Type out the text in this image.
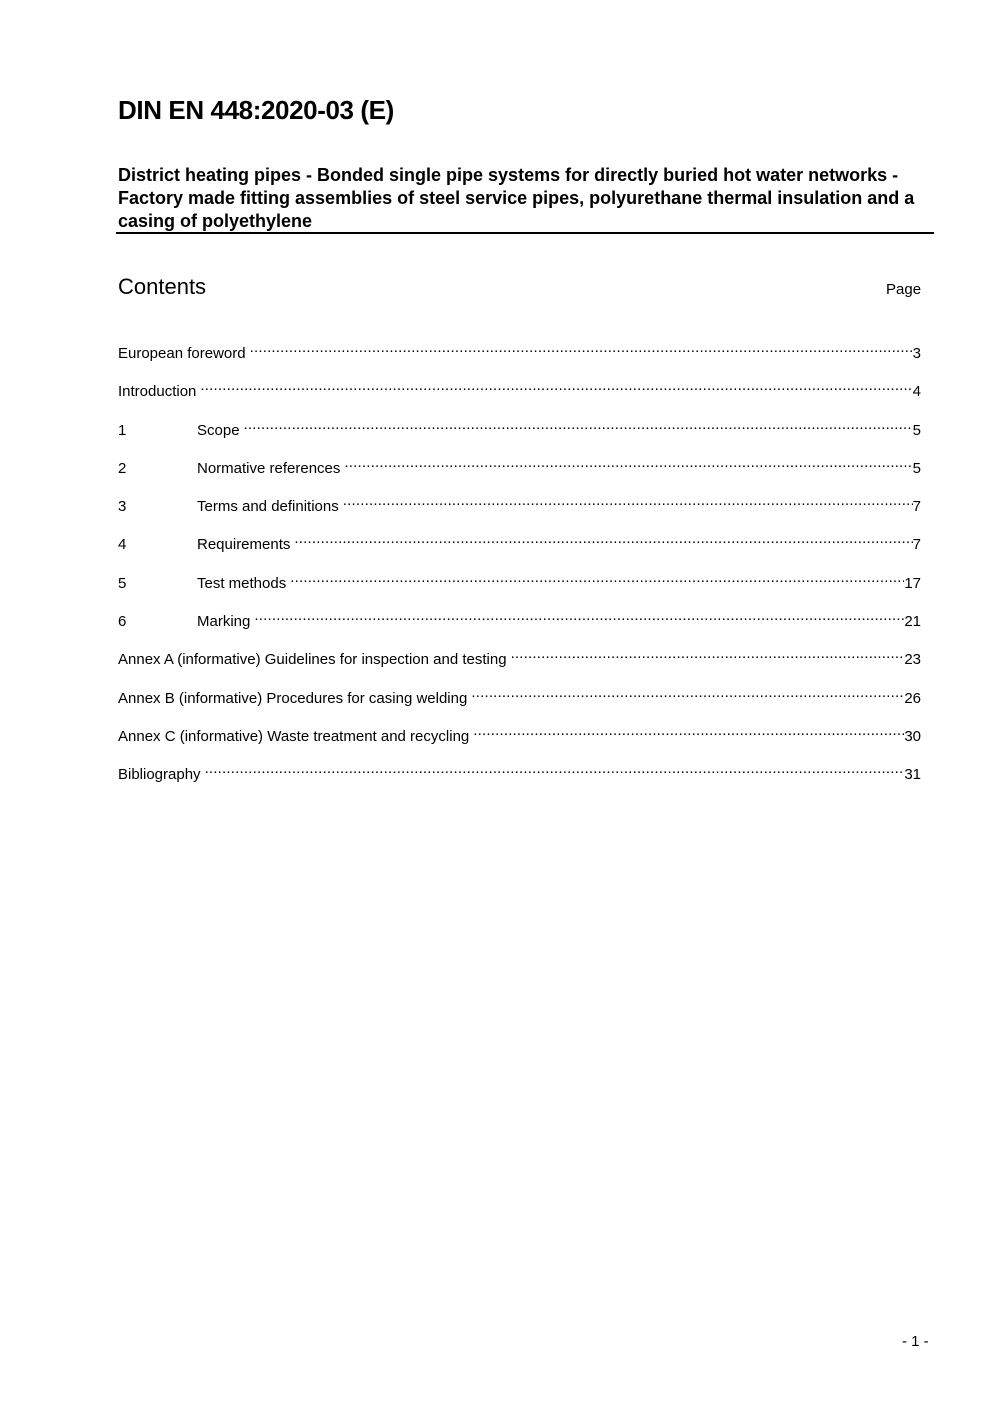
DIN EN 448:2020-03 (E)
District heating pipes - Bonded single pipe systems for directly buried hot water networks - Factory made fitting assemblies of steel service pipes, polyurethane thermal insulation and a casing of polyethylene
Contents	Page
European foreword .....	3
Introduction .....	4
1	Scope .....	5
2	Normative references .....	5
3	Terms and definitions .....	7
4	Requirements .....	7
5	Test methods .....	17
6	Marking .....	21
Annex A (informative) Guidelines for inspection and testing .....	23
Annex B (informative) Procedures for casing welding .....	26
Annex C (informative) Waste treatment and recycling .....	30
Bibliography .....	31
- 1 -
